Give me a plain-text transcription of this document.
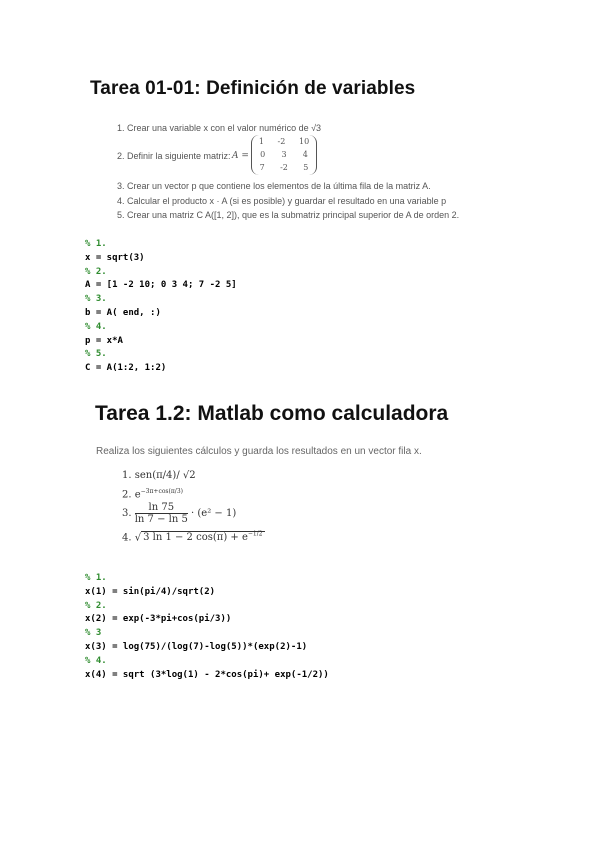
Tarea 01-01: Definición de variables
1. Crear una variable x con el valor numérico de √3
2. Definir la siguiente matriz: A =
1 -2 10
0 3 4
7 -2 5
3. Crear un vector p que contiene los elementos de la última fila de la matriz A.
4. Calcular el producto x · A (si es posible) y guardar el resultado en una variable p
5. Crear una matriz C A([1, 2]), que es la submatriz principal superior de A de orden 2.
% 1.
x = sqrt(3)
% 2.
A = [1 -2 10; 0 3 4; 7 -2 5]
% 3.
b = A( end, :)
% 4.
p = x*A
% 5.
C = A(1:2, 1:2)
Tarea 1.2: Matlab como calculadora
Realiza los siguientes cálculos y guarda los resultados en un vector fila x.
1. sen(π/4)/ √2
2. $e^{-3\pi+cos(\pi/3)}$
3. $\frac{\ln 75}{\ln 7 - \ln 5} \cdot (e^2 - 1)$
4. √ 3 ln 1 − 2 $\cos(\pi) + e^{-1/2}$
% 1.
x(1) = sin(pi/4)/sqrt(2)
% 2.
x(2) = exp(-3*pi+cos(pi/3))
% 3
x(3) = log(75)/(log(7)-log(5))*(exp(2)-1)
% 4.
x(4) = sqrt (3*log(1) - 2*cos(pi)+ exp(-1/2))
